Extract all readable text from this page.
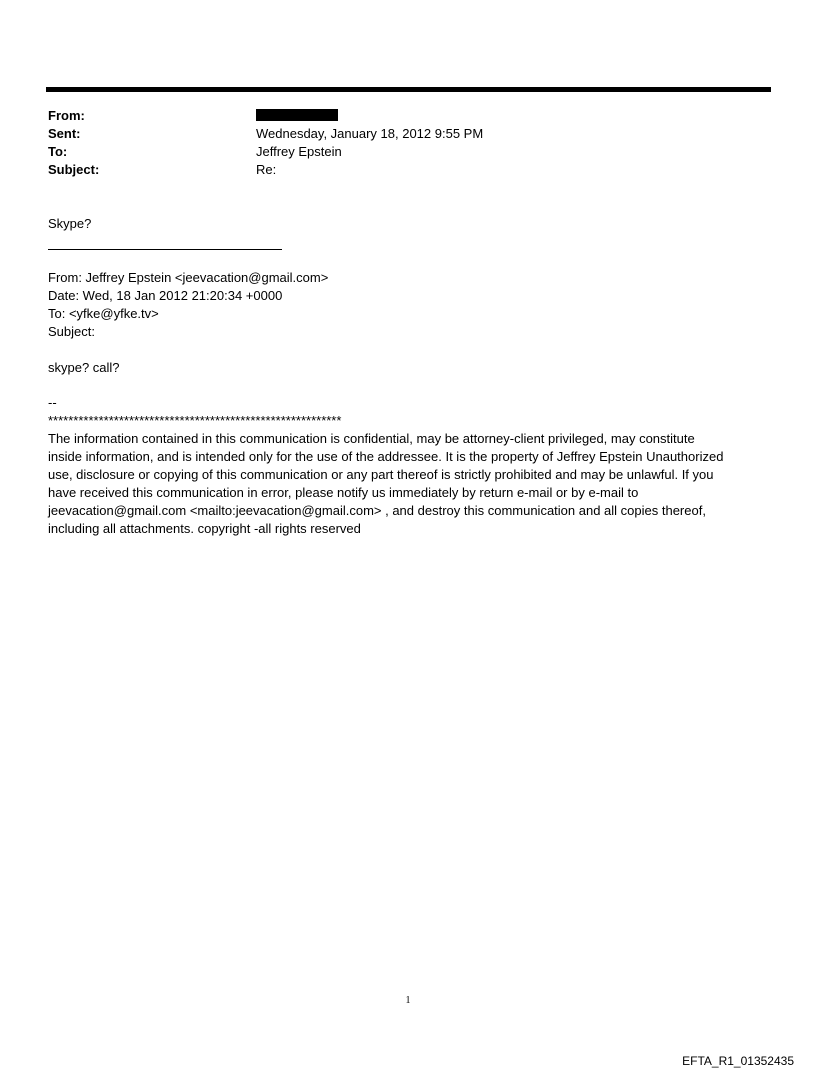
From:
Sent:	Wednesday, January 18, 2012 9:55 PM
To:	Jeffrey Epstein
Subject:	Re:
Skype?
From: Jeffrey Epstein <jeevacation@gmail.com>
Date: Wed, 18 Jan 2012 21:20:34 +0000
To: <yfke@yfke.tv>
Subject:
skype? call?
--
**********************************************************
The information contained in this communication is confidential, may be attorney-client privileged, may constitute
inside information, and is intended only for the use of the addressee. It is the property of Jeffrey Epstein Unauthorized
use, disclosure or copying of this communication or any part thereof is strictly prohibited and may be unlawful. If you
have received this communication in error, please notify us immediately by return e-mail or by e-mail to
jeevacation@gmail.com <mailto:jeevacation@gmail.com> , and destroy this communication and all copies thereof,
including all attachments. copyright -all rights reserved
1
EFTA_R1_01352435
